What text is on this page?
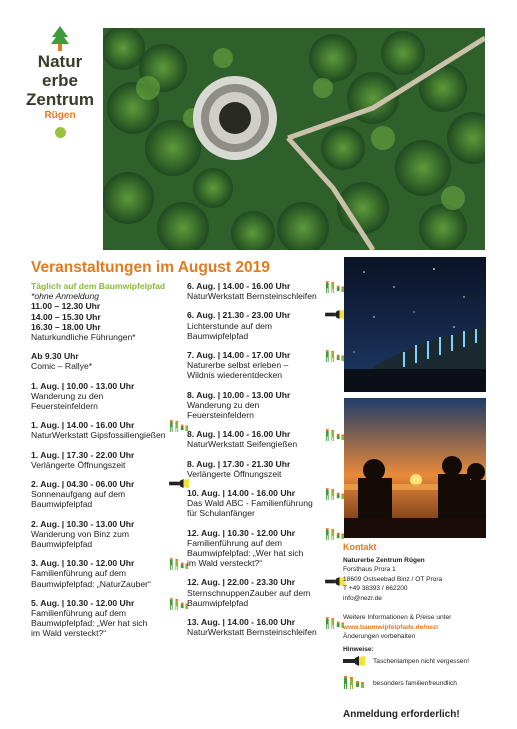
Natur
erbe
Zentrum
Rügen
Veranstaltungen im August 2019
Täglich auf dem Baumwipfelpfad
*ohne Anmeldung
11.00 – 12.30 Uhr
14.00 – 15.30 Uhr
16.30 – 18.00 Uhr
Naturkundliche Führungen*
Ab 9.30 Uhr
Comic – Rallye*
1. Aug. | 10.00 - 13.00 Uhr
Wanderung zu den
Feuersteinfeldern
1. Aug. | 14.00 - 16.00 Uhr
NaturWerkstatt Gipsfossiliengießen
1. Aug. | 17.30 - 22.00 Uhr
Verlängerte Öffnungszeit
2. Aug. | 04.30 - 06.00 Uhr
Sonnenaufgang auf dem
Baumwipfelpfad
2. Aug. | 10.30 - 13.00 Uhr
Wanderung von Binz zum
Baumwipfelpfad
3. Aug. | 10.30 - 12.00 Uhr
Familienführung auf dem
Baumwipfelpfad: „NaturZauber“
5. Aug. | 10.30 - 12.00 Uhr
Familienführung auf dem
Baumwipfelpfad: „Wer hat sich
im Wald versteckt?“
6. Aug. | 14.00 - 16.00 Uhr
NaturWerkstatt Bernsteinschleifen
6. Aug. | 21.30 - 23.00 Uhr
Lichterstunde auf dem
Baumwipfelpfad
7. Aug. | 14.00 - 17.00 Uhr
Naturerbe selbst erleben –
Wildnis wiederentdecken
8. Aug. | 10.00 - 13.00 Uhr
Wanderung zu den
Feuersteinfeldern
8. Aug. | 14.00 - 16.00 Uhr
NaturWerkstatt Seifengießen
8. Aug. | 17.30 - 21.30 Uhr
Verlängerte Öffnungszeit
10. Aug. | 14.00 - 16.00 Uhr
Das Wald ABC - Familienführung
für Schulanfänger
12. Aug. | 10.30 - 12.00 Uhr
Familienführung auf dem
Baumwipfelpfad: „Wer hat sich
im Wald versteckt?“
12. Aug. | 22.00 - 23.30 Uhr
SternschnuppenZauber auf dem
Baumwipfelpfad
13. Aug. | 14.00 - 16.00 Uhr
NaturWerkstatt Bernsteinschleifen
Kontakt
Naturerbe Zentrum Rügen
Forsthaus Prora 1
18609 Ostseebad Binz / OT Prora
T +49 38393 / 662200
info@nezr.de
Weitere Informationen & Preise unter
www.baumwipfelpfade.de/nezr
Änderungen vorbehalten
Hinweise:
Taschenlampen nicht vergessen!
besonders familienfreundlich
Anmeldung erforderlich!
